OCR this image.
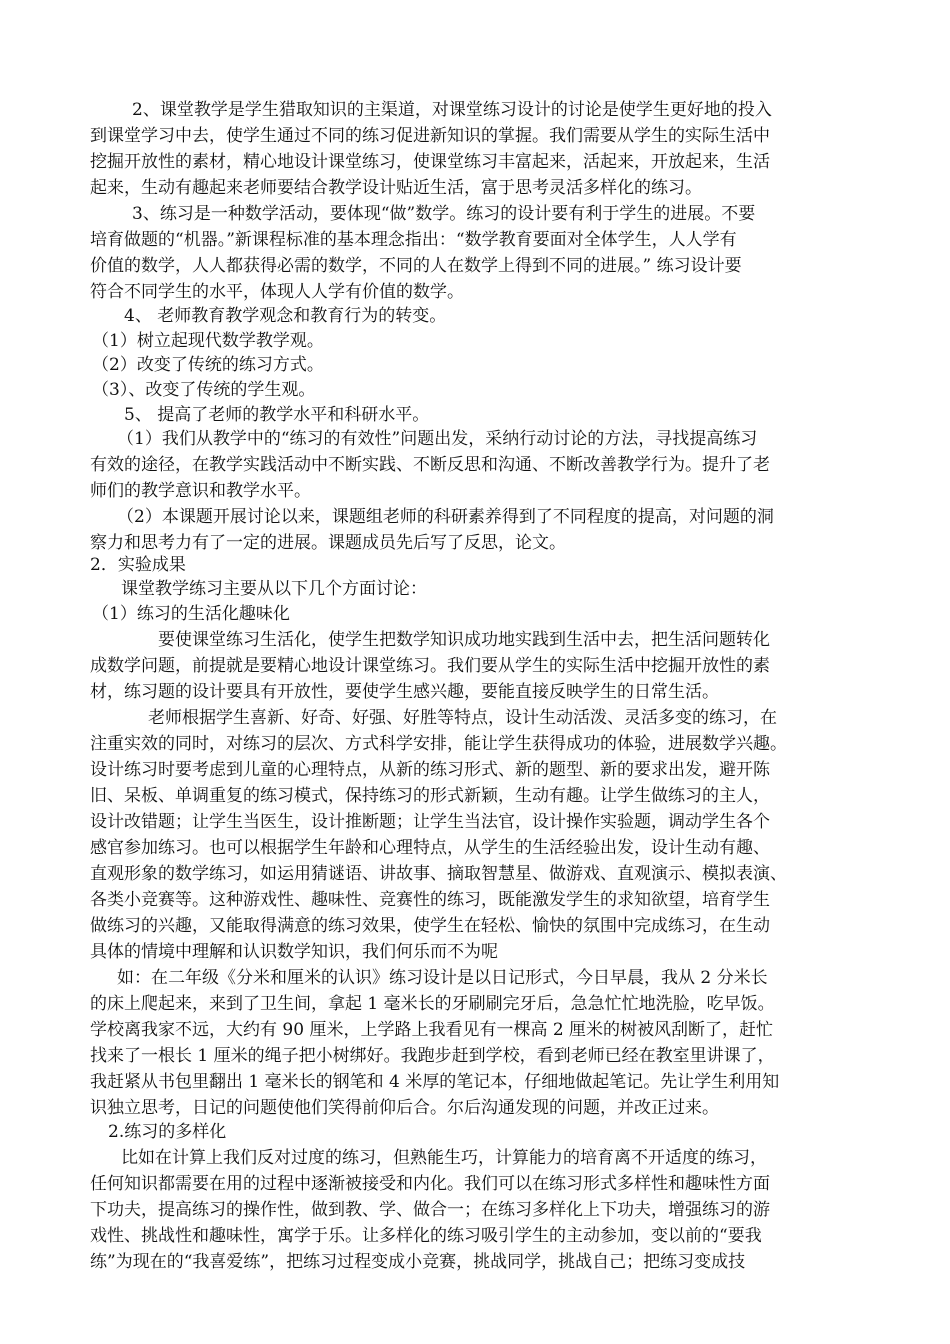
2、课堂教学是学生猎取知识的主渠道，对课堂练习设计的讨论是使学生更好地的投入

到课堂学习中去，使学生通过不同的练习促进新知识的掌握。我们需要从学生的实际生活中

挖掘开放性的素材，精心地设计课堂练习，使课堂练习丰富起来，活起来，开放起来，生活

起来，生动有趣起来老师要结合教学设计贴近生活，富于思考灵活多样化的练习。

3、练习是一种数学活动，要体现“做”数学。练习的设计要有利于学生的进展。不要

培育做题的“机器。”新课程标准的基本理念指出：“数学教育要面对全体学生，人人学有

价值的数学，人人都获得必需的数学，不同的人在数学上得到不同的进展。” 练习设计要

符合不同学生的水平，体现人人学有价值的数学。

4、 老师教育教学观念和教育行为的转变。

（1）树立起现代数学教学观。

（2）改变了传统的练习方式。

（3）、改变了传统的学生观。

5、 提高了老师的教学水平和科研水平。

（1）我们从教学中的“练习的有效性”问题出发，采纳行动讨论的方法，寻找提高练习

有效的途径，在教学实践活动中不断实践、不断反思和沟通、不断改善教学行为。提升了老

师们的教学意识和教学水平。

（2）本课题开展讨论以来，课题组老师的科研素养得到了不同程度的提高，对问题的洞

察力和思考力有了一定的进展。课题成员先后写了反思，论文。

2．实验成果

课堂教学练习主要从以下几个方面讨论：

（1）练习的生活化趣味化

要使课堂练习生活化，使学生把数学知识成功地实践到生活中去，把生活问题转化

成数学问题，前提就是要精心地设计课堂练习。我们要从学生的实际生活中挖掘开放性的素

材，练习题的设计要具有开放性，要使学生感兴趣，要能直接反映学生的日常生活。

老师根据学生喜新、好奇、好强、好胜等特点，设计生动活泼、灵活多变的练习，在

注重实效的同时，对练习的层次、方式科学安排，能让学生获得成功的体验，进展数学兴趣。

设计练习时要考虑到儿童的心理特点，从新的练习形式、新的题型、新的要求出发，避开陈

旧、呆板、单调重复的练习模式，保持练习的形式新颖，生动有趣。让学生做练习的主人，

设计改错题；让学生当医生，设计推断题；让学生当法官，设计操作实验题，调动学生各个

感官参加练习。也可以根据学生年龄和心理特点，从学生的生活经验出发，设计生动有趣、

直观形象的数学练习，如运用猜谜语、讲故事、摘取智慧星、做游戏、直观演示、模拟表演、

各类小竞赛等。这种游戏性、趣味性、竞赛性的练习，既能激发学生的求知欲望，培育学生

做练习的兴趣，又能取得满意的练习效果，使学生在轻松、愉快的氛围中完成练习，在生动

具体的情境中理解和认识数学知识，我们何乐而不为呢

如：在二年级《分米和厘米的认识》练习设计是以日记形式，今日早晨，我从 2 分米长

的床上爬起来，来到了卫生间，拿起 1 毫米长的牙刷刷完牙后，急急忙忙地洗脸，吃早饭。

学校离我家不远，大约有 90 厘米，上学路上我看见有一棵高 2 厘米的树被风刮断了，赶忙

找来了一根长 1 厘米的绳子把小树绑好。我跑步赶到学校，看到老师已经在教室里讲课了，

我赶紧从书包里翻出 1 毫米长的钢笔和 4 米厚的笔记本，仔细地做起笔记。先让学生利用知

识独立思考，日记的问题使他们笑得前仰后合。尔后沟通发现的问题，并改正过来。

2.练习的多样化

比如在计算上我们反对过度的练习，但熟能生巧，计算能力的培育离不开适度的练习，

任何知识都需要在用的过程中逐渐被接受和内化。我们可以在练习形式多样性和趣味性方面

下功夫，提高练习的操作性，做到教、学、做合一；在练习多样化上下功夫，增强练习的游

戏性、挑战性和趣味性，寓学于乐。让多样化的练习吸引学生的主动参加，变以前的“要我

练”为现在的“我喜爱练”，把练习过程变成小竞赛，挑战同学，挑战自己；把练习变成技
